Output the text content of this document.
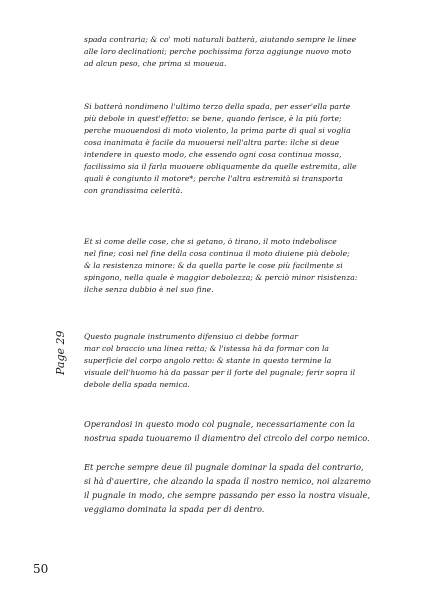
spada contraria; & co' moti naturali batterà, aiutando sempre le linee
alle loro declinationi; perche pochissima forza aggiunge nuovo moto
ad alcun peso, che prima si moueua.
Si batterà nondimeno l'ultimo terzo della spada, per esser'ella parte
più debole in quest'effetto: se bene, quando ferisce, è la più forte;
perche muouendosi di moto violento, la prima parte di qual si voglia
cosa inanimata è facile da muouersi nell'altra parte: ilche si deue
intendere in questo modo, che essendo ogni cosa continua mossa,
facilissimo sia il farla muouere obliquamente da quelle estremita, alle
quali è congiunto il motore*; perche l'altra estremità si transporta
con grandissima celerità.
Et si come delle cose, che si getano, ò tirano, il moto indebolisce
nel fine; così nel fine della cosa continua il moto diuiene più debole;
& la resistenza minore: & da quella parte le cose più facilmente si
spingono, nella quale è maggior debolezza; & perciò minor risistenza:
ilche senza dubbio è nel suo fine.
Questo pugnale instrumento difensiuo ci debbe formar
mar col braccio una linea retta; & l'istessa hà da formar con la
superficie del corpo angolo retto: & stante in questo termine la
visuale dell'huomo hà da passar per il forte del pugnale; ferir sopra il
debole della spada nemica.
Operandosi in questo modo col pugnale, necessariamente con la
nostrua spada tuouaremo il diamentro del circolo del corpo nemico.
Et perche sempre deue iil pugnale dominar la spada del contrario,
si hà d'auertire, che alzando la spada il nostro nemico, noi alzaremo
il pugnale in modo, che sempre passando per esso la nostra visuale,
veggiamo dominata la spada per di dentro.
Page 29
50
